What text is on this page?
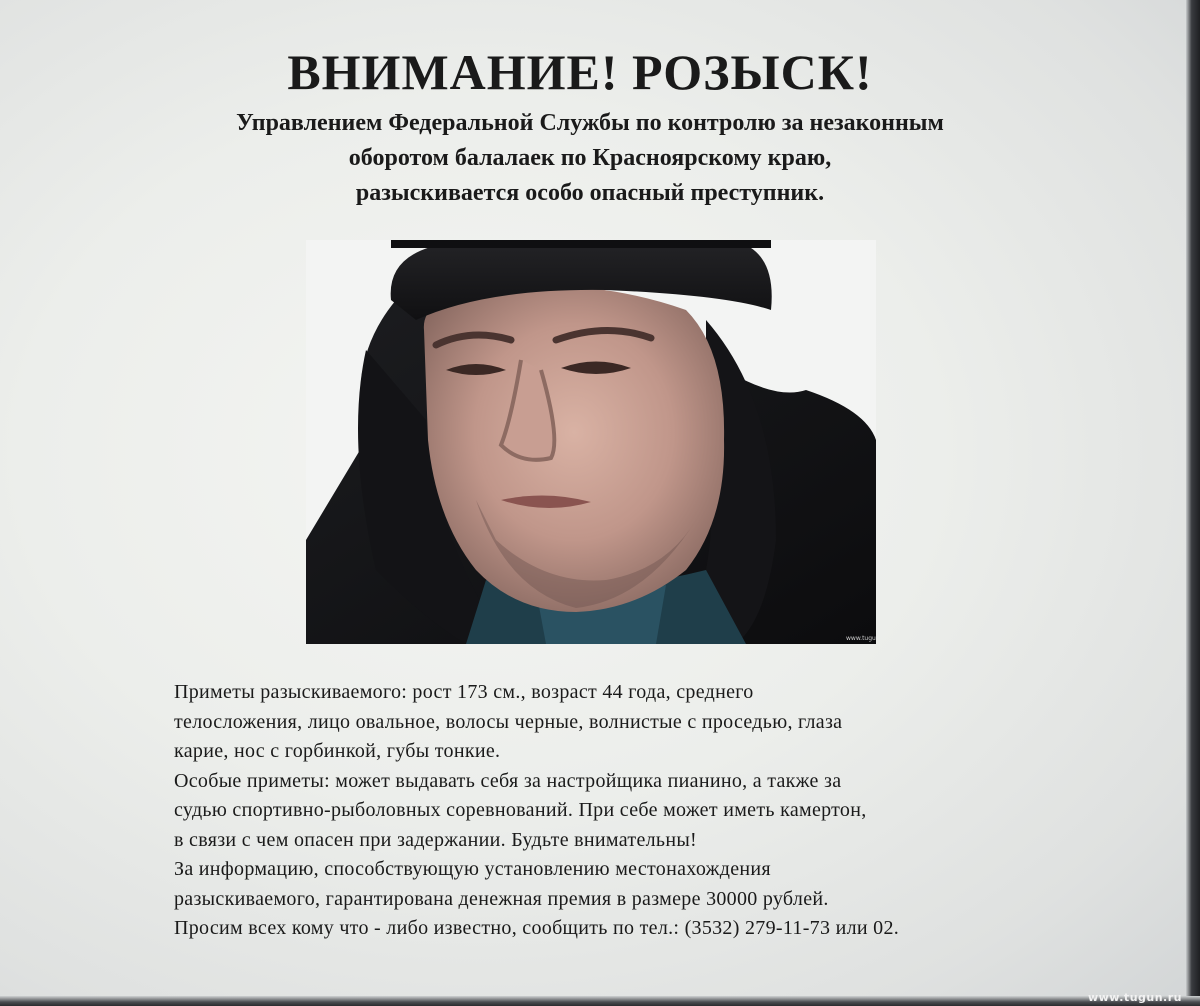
ВНИМАНИЕ! РОЗЫСК!
Управлением Федеральной Службы по контролю за незаконным
оборотом балалаек по Красноярскому краю,
разыскивается особо опасный преступник.
www.tugu
Приметы разыскиваемого: рост 173 см., возраст 44 года, среднего
телосложения, лицо овальное, волосы черные, волнистые с проседью, глаза
карие, нос с горбинкой, губы тонкие.
Особые приметы: может выдавать себя за настройщика пианино, а также за
судью спортивно-рыболовных соревнований. При себе может иметь камертон,
в связи с чем опасен при задержании. Будьте внимательны!
За информацию, способствующую установлению местонахождения
разыскиваемого, гарантирована денежная премия в размере 30000 рублей.
Просим всех кому что - либо известно, сообщить по тел.: (3532) 279-11-73 или 02.
www.tugun.ru
